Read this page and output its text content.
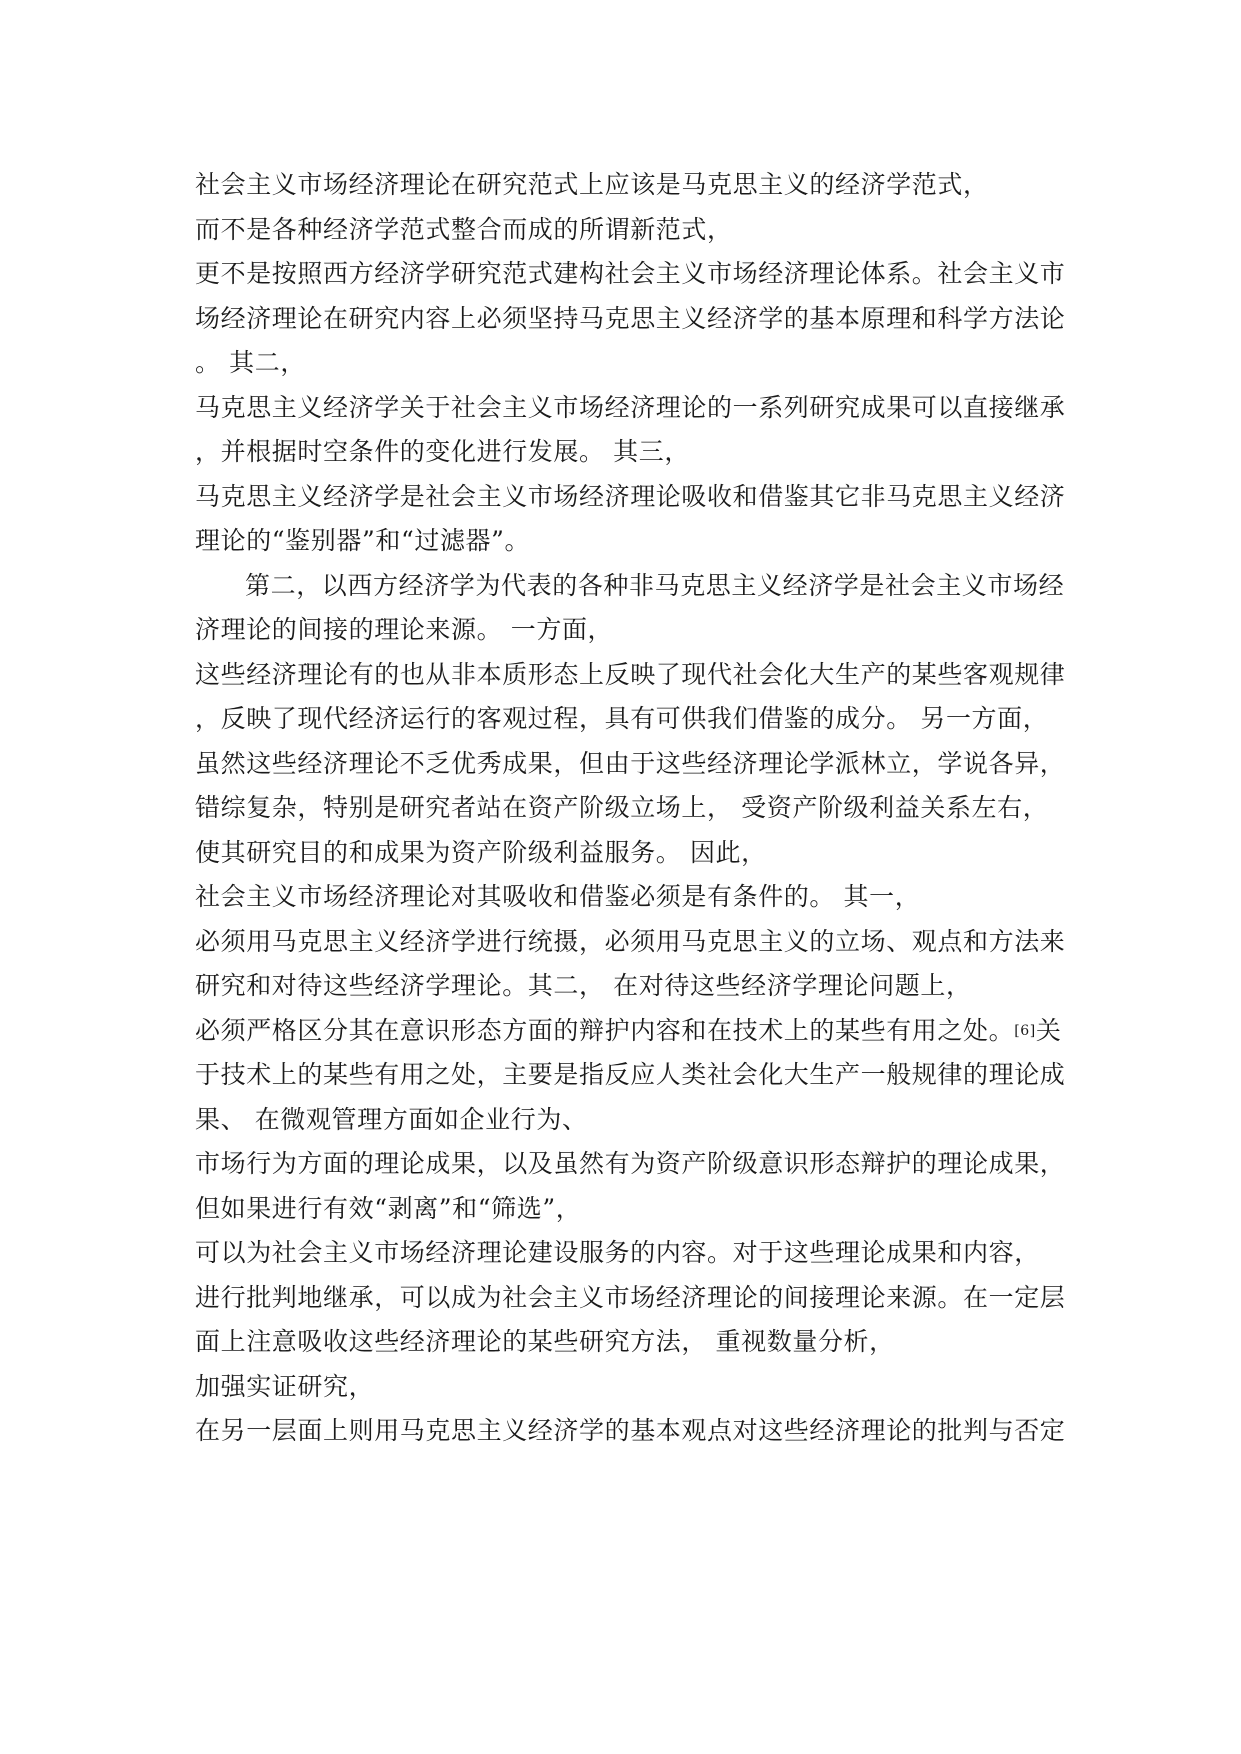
社会主义市场经济理论在研究范式上应该是马克思主义的经济学范式，
而不是各种经济学范式整合而成的所谓新范式，
更不是按照西方经济学研究范式建构社会主义市场经济理论体系。社会主义市
场经济理论在研究内容上必须坚持马克思主义经济学的基本原理和科学方法论
。 其二，
马克思主义经济学关于社会主义市场经济理论的一系列研究成果可以直接继承
，并根据时空条件的变化进行发展。 其三，
马克思主义经济学是社会主义市场经济理论吸收和借鉴其它非马克思主义经济
理论的“鉴别器”和“过滤器”。
第二，以西方经济学为代表的各种非马克思主义经济学是社会主义市场经
济理论的间接的理论来源。 一方面，
这些经济理论有的也从非本质形态上反映了现代社会化大生产的某些客观规律
，反映了现代经济运行的客观过程，具有可供我们借鉴的成分。 另一方面，
虽然这些经济理论不乏优秀成果，但由于这些经济理论学派林立，学说各异，
错综复杂，特别是研究者站在资产阶级立场上， 受资产阶级利益关系左右，
使其研究目的和成果为资产阶级利益服务。 因此，
社会主义市场经济理论对其吸收和借鉴必须是有条件的。 其一，
必须用马克思主义经济学进行统摄，必须用马克思主义的立场、观点和方法来
研究和对待这些经济学理论。其二， 在对待这些经济学理论问题上，
必须严格区分其在意识形态方面的辩护内容和在技术上的某些有用之处。[6]关
于技术上的某些有用之处，主要是指反应人类社会化大生产一般规律的理论成
果、 在微观管理方面如企业行为、
市场行为方面的理论成果，以及虽然有为资产阶级意识形态辩护的理论成果，
但如果进行有效“剥离”和“筛选”，
可以为社会主义市场经济理论建设服务的内容。对于这些理论成果和内容，
进行批判地继承，可以成为社会主义市场经济理论的间接理论来源。在一定层
面上注意吸收这些经济理论的某些研究方法， 重视数量分析，
加强实证研究，
在另一层面上则用马克思主义经济学的基本观点对这些经济理论的批判与否定
